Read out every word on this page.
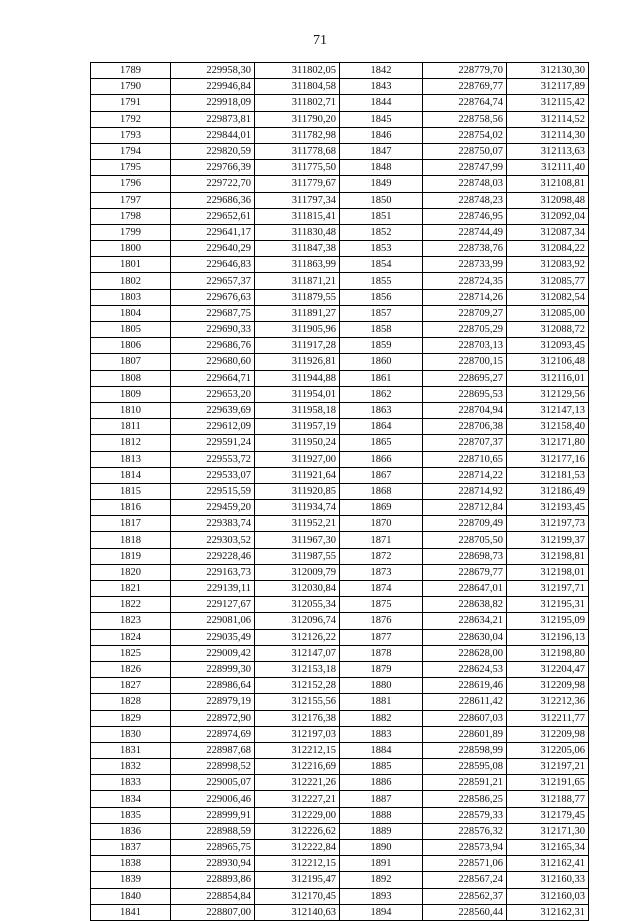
71
1789	229958,30	311802,05	1842	228779,70	312130,30
1790	229946,84	311804,58	1843	228769,77	312117,89
1791	229918,09	311802,71	1844	228764,74	312115,42
1792	229873,81	311790,20	1845	228758,56	312114,52
1793	229844,01	311782,98	1846	228754,02	312114,30
1794	229820,59	311778,68	1847	228750,07	312113,63
1795	229766,39	311775,50	1848	228747,99	312111,40
1796	229722,70	311779,67	1849	228748,03	312108,81
1797	229686,36	311797,34	1850	228748,23	312098,48
1798	229652,61	311815,41	1851	228746,95	312092,04
1799	229641,17	311830,48	1852	228744,49	312087,34
1800	229640,29	311847,38	1853	228738,76	312084,22
1801	229646,83	311863,99	1854	228733,99	312083,92
1802	229657,37	311871,21	1855	228724,35	312085,77
1803	229676,63	311879,55	1856	228714,26	312082,54
1804	229687,75	311891,27	1857	228709,27	312085,00
1805	229690,33	311905,96	1858	228705,29	312088,72
1806	229686,76	311917,28	1859	228703,13	312093,45
1807	229680,60	311926,81	1860	228700,15	312106,48
1808	229664,71	311944,88	1861	228695,27	312116,01
1809	229653,20	311954,01	1862	228695,53	312129,56
1810	229639,69	311958,18	1863	228704,94	312147,13
1811	229612,09	311957,19	1864	228706,38	312158,40
1812	229591,24	311950,24	1865	228707,37	312171,80
1813	229553,72	311927,00	1866	228710,65	312177,16
1814	229533,07	311921,64	1867	228714,22	312181,53
1815	229515,59	311920,85	1868	228714,92	312186,49
1816	229459,20	311934,74	1869	228712,84	312193,45
1817	229383,74	311952,21	1870	228709,49	312197,73
1818	229303,52	311967,30	1871	228705,50	312199,37
1819	229228,46	311987,55	1872	228698,73	312198,81
1820	229163,73	312009,79	1873	228679,77	312198,01
1821	229139,11	312030,84	1874	228647,01	312197,71
1822	229127,67	312055,34	1875	228638,82	312195,31
1823	229081,06	312096,74	1876	228634,21	312195,09
1824	229035,49	312126,22	1877	228630,04	312196,13
1825	229009,42	312147,07	1878	228628,00	312198,80
1826	228999,30	312153,18	1879	228624,53	312204,47
1827	228986,64	312152,28	1880	228619,46	312209,98
1828	228979,19	312155,56	1881	228611,42	312212,36
1829	228972,90	312176,38	1882	228607,03	312211,77
1830	228974,69	312197,03	1883	228601,89	312209,98
1831	228987,68	312212,15	1884	228598,99	312205,06
1832	228998,52	312216,69	1885	228595,08	312197,21
1833	229005,07	312221,26	1886	228591,21	312191,65
1834	229006,46	312227,21	1887	228586,25	312188,77
1835	228999,91	312229,00	1888	228579,33	312179,45
1836	228988,59	312226,62	1889	228576,32	312171,30
1837	228965,75	312222,84	1890	228573,94	312165,34
1838	228930,94	312212,15	1891	228571,06	312162,41
1839	228893,86	312195,47	1892	228567,24	312160,33
1840	228854,84	312170,45	1893	228562,37	312160,03
1841	228807,00	312140,63	1894	228560,44	312162,31
